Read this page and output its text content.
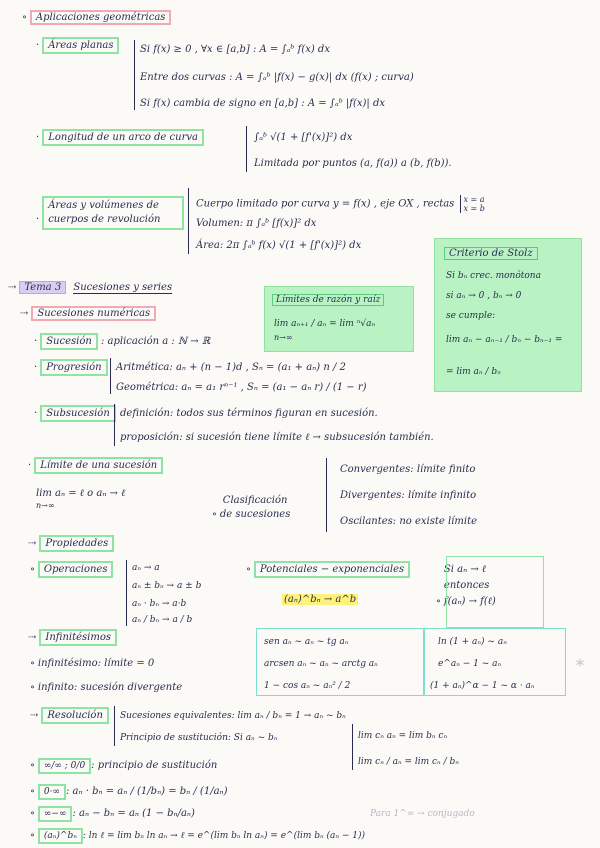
∘ Aplicaciones geométricas
· Áreas planas	Si f(x) ≥ 0 , ∀x ∈ [a,b] : A = ∫ₐᵇ f(x) dx
Entre dos curvas : A = ∫ₐᵇ |f(x) − g(x)| dx (f(x) ; curva)
Si f(x) cambia de signo en [a,b] : A = ∫ₐᵇ |f(x)| dx
· Longitud de un arco de curva	∫ₐᵇ √(1 + [f'(x)]²) dx
Limitada por puntos (a, f(a)) a (b, f(b)).
·Áreas y volúmenes de
cuerpos de revolución
Cuerpo limitado por curva y = f(x) , eje OX , rectas x = a
x = b
Volumen: π ∫ₐᵇ [f(x)]² dx
Área: 2π ∫ₐᵇ f(x) √(1 + [f'(x)]²) dx
Criterio de Stolz
Si bₙ crec. monótona
si aₙ → 0 , bₙ → 0
se cumple:
lim aₙ − aₙ₋₁ / bₙ − bₙ₋₁ =
= lim aₙ / bₙ
⇢ Tema 3 Sucesiones y series
Límites de razón y raíz
lim aₙ₊₁ / aₙ = lim ⁿ√aₙ
n→∞
⇢ Sucesiones numéricas
· Sucesión : aplicación a : ℕ → ℝ
· Progresión	Aritmética: aₙ + (n − 1)d , Sₙ = (a₁ + aₙ) n / 2
Geométrica: aₙ = a₁ rⁿ⁻¹ , Sₙ = (a₁ − aₙ r) / (1 − r)
· Subsucesión	definición: todos sus términos figuran en sucesión.
proposición: si sucesión tiene límite ℓ → subsucesión también.
· Límite de una sucesión
lim aₙ = ℓ o aₙ → ℓ
n→∞
∘Clasificación
de sucesiones
Convergentes: límite finito
Divergentes: límite infinito
Oscilantes: no existe límite
⇢ Propiedades
∘ Operaciones	aₙ → a
aₙ ± bₙ → a ± b
aₙ · bₙ → a·b
aₙ / bₙ → a / b
∘ Potenciales − exponenciales
(aₙ)^bₙ → a^b	∘Si aₙ → ℓ
entonces
f(aₙ) → f(ℓ)
⇢ Infinitésimos
∘ infinitésimo: límite = 0
∘ infinito: sucesión divergente
sen aₙ ~ aₙ ~ tg aₙ
arcsen aₙ ~ aₙ ~ arctg aₙ
1 − cos aₙ ~ aₙ² / 2
ln (1 + aₙ) ~ aₙ
e^aₙ − 1 ~ aₙ
(1 + aₙ)^α − 1 ~ α · aₙ
*
⇢ Resolución	Sucesiones equivalentes: lim aₙ / bₙ = 1 → aₙ ~ bₙ
Principio de sustitución: Si aₙ ~ bₙ	lim cₙ aₙ = lim bₙ cₙ
lim cₙ / aₙ = lim cₙ / bₙ
∘ ∞/∞ ; 0/0 : principio de sustitución
∘ 0·∞ : aₙ · bₙ = aₙ / (1/bₙ) = bₙ / (1/aₙ)
∘ ∞−∞ : aₙ − bₙ = aₙ (1 − bₙ/aₙ)
∘ (aₙ)^bₙ : ln ℓ = lim bₙ ln aₙ → ℓ = e^(lim bₙ ln aₙ) = e^(lim bₙ (aₙ − 1))
Para 1^∞ → conjugado
